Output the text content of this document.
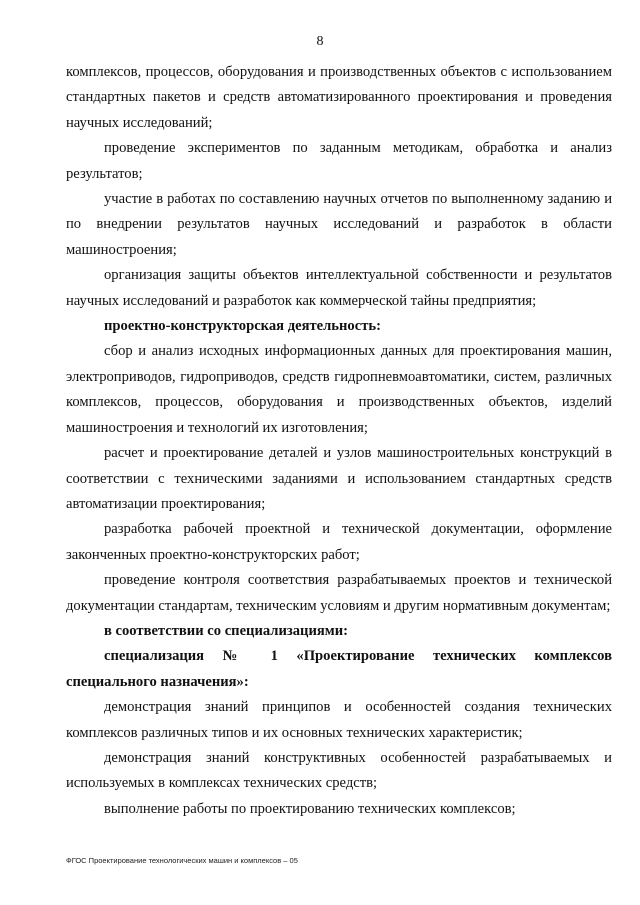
8

комплексов, процессов, оборудования и производственных объектов с использованием стандартных пакетов и средств автоматизированного проектирования и проведения научных исследований;

проведение экспериментов по заданным методикам, обработка и анализ результатов;

участие в работах по составлению научных отчетов по выполненному заданию и по внедрении результатов научных исследований и разработок в области машиностроения;

организация защиты объектов интеллектуальной собственности и результатов научных исследований и разработок как коммерческой тайны предприятия;

проектно-конструкторская деятельность:

сбор и анализ исходных информационных данных для проектирования машин, электроприводов, гидроприводов, средств гидропневмоавтоматики, систем, различных комплексов, процессов, оборудования и производственных объектов, изделий машиностроения и технологий их изготовления;

расчет и проектирование деталей и узлов машиностроительных конструкций в соответствии с техническими заданиями и использованием стандартных средств автоматизации проектирования;

разработка рабочей проектной и технической документации, оформление законченных проектно-конструкторских работ;

проведение контроля соответствия разрабатываемых проектов и технической документации стандартам, техническим условиям и другим нормативным документам;

в соответствии со специализациями:

специализация № 1 «Проектирование технических комплексов специального назначения»:

демонстрация знаний принципов и особенностей создания технических комплексов различных типов и их основных технических характеристик;

демонстрация знаний конструктивных особенностей разрабатываемых и используемых в комплексах технических средств;

выполнение работы по проектированию технических комплексов;

ФГОС Проектирование технологических машин и комплексов – 05
